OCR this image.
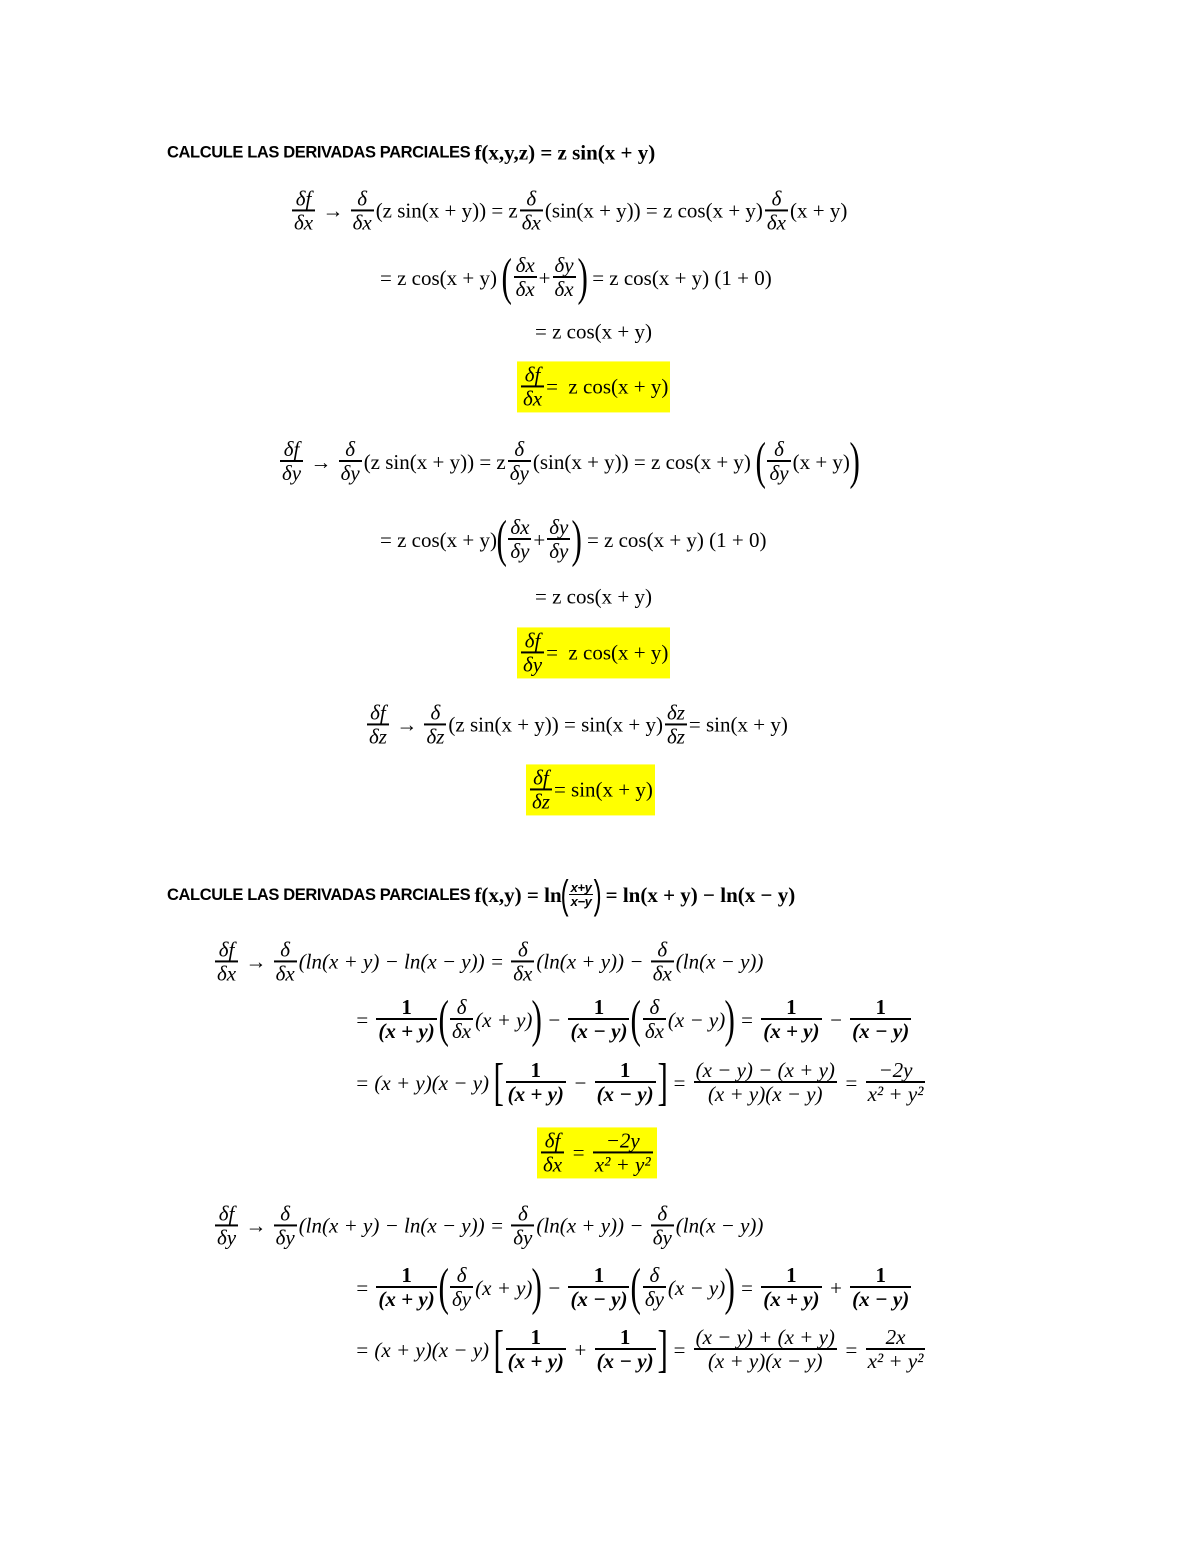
CALCULE LAS DERIVADAS PARCIALES f(x,y,z) = z sin(x + y)
$\frac{\delta f}{\delta x} \to \frac{\delta}{\delta x} (z$ sin(x + y)) = z $\frac{\delta}{\delta x} (\sin(x + y)) = z$ $\cos(x + y) \frac{\delta}{\delta x} (x + y)$
= z cos(x + y) ( $\frac{\delta x}{\delta x} + \frac{\delta y}{\delta x}$ ) = z cos(x + y) (1 + 0)
= z cos(x + y)
$\frac{\delta f}{\delta x} = z$ cos(x + y)
$\frac{\delta f}{\delta y} \to \frac{\delta}{\delta y} (z$ sin(x + y)) = z $\frac{\delta}{\delta y} (\sin(x + y)) = z$ cos(x + y) ( $\frac{\delta}{\delta y} (x + y)$ )
= z cos(x + y) ( $\frac{\delta x}{\delta y} + \frac{\delta y}{\delta y}$ ) = z cos(x + y) (1 + 0)
= z cos(x + y)
$\frac{\delta f}{\delta y} = z$ cos(x + y)
$\frac{\delta f}{\delta z} \to \frac{\delta}{\delta z} (z$ $\sin(x + y)) = \sin(x + y) \frac{\delta z}{\delta z} = \sin(x + y)$
$\frac{\delta f}{\delta z} = \sin(x + y)$
CALCULE LAS DERIVADAS PARCIALES f(x,y) = ln
( $\frac{x+y}{x-y}$ )
= ln(x + y) − ln(x − y)
$\frac{\delta f}{\delta x} \to \frac{\delta}{\delta x} (\ln(x + y) - \ln(x - y)) = \frac{\delta}{\delta x} (\ln(x + y)) - \frac{\delta}{\delta x} (\ln(x - y))$
= $\frac{1}{(x + y)}$ ( $\frac{\delta}{\delta x} (x + y)$ ) − $\frac{1}{(x - y)}$ ( $\frac{\delta}{\delta x} (x - y)$ ) = $\frac{1}{(x + y)} - \frac{1}{(x - y)}$
= (x + y)(x − y) [ $\frac{1}{(x + y)} - \frac{1}{(x - y)}$ ] = $\frac{(x - y) - (x + y)}{(x + y)(x - y)} = \frac{-2y}{\text{x² + y²}}$
$\frac{\delta f}{\delta x} = \frac{-2y}{\text{x² + y²}}$
$\frac{\delta f}{\delta y} \to \frac{\delta}{\delta y} (\ln(x + y) - \ln(x - y)) = \frac{\delta}{\delta y} (\ln(x + y)) - \frac{\delta}{\delta y} (\ln(x - y))$
= $\frac{1}{(x + y)}$ ( $\frac{\delta}{\delta y} (x + y)$ ) − $\frac{1}{(x - y)}$ ( $\frac{\delta}{\delta y} (x - y)$ ) = $\frac{1}{(x + y)} + \frac{1}{(x - y)}$
= (x + y)(x − y) [ $\frac{1}{(x + y)} + \frac{1}{(x - y)}$ ] = $\frac{(x - y) + (x + y)}{(x + y)(x - y)} = \frac{2x}{\text{x² + y²}}$
